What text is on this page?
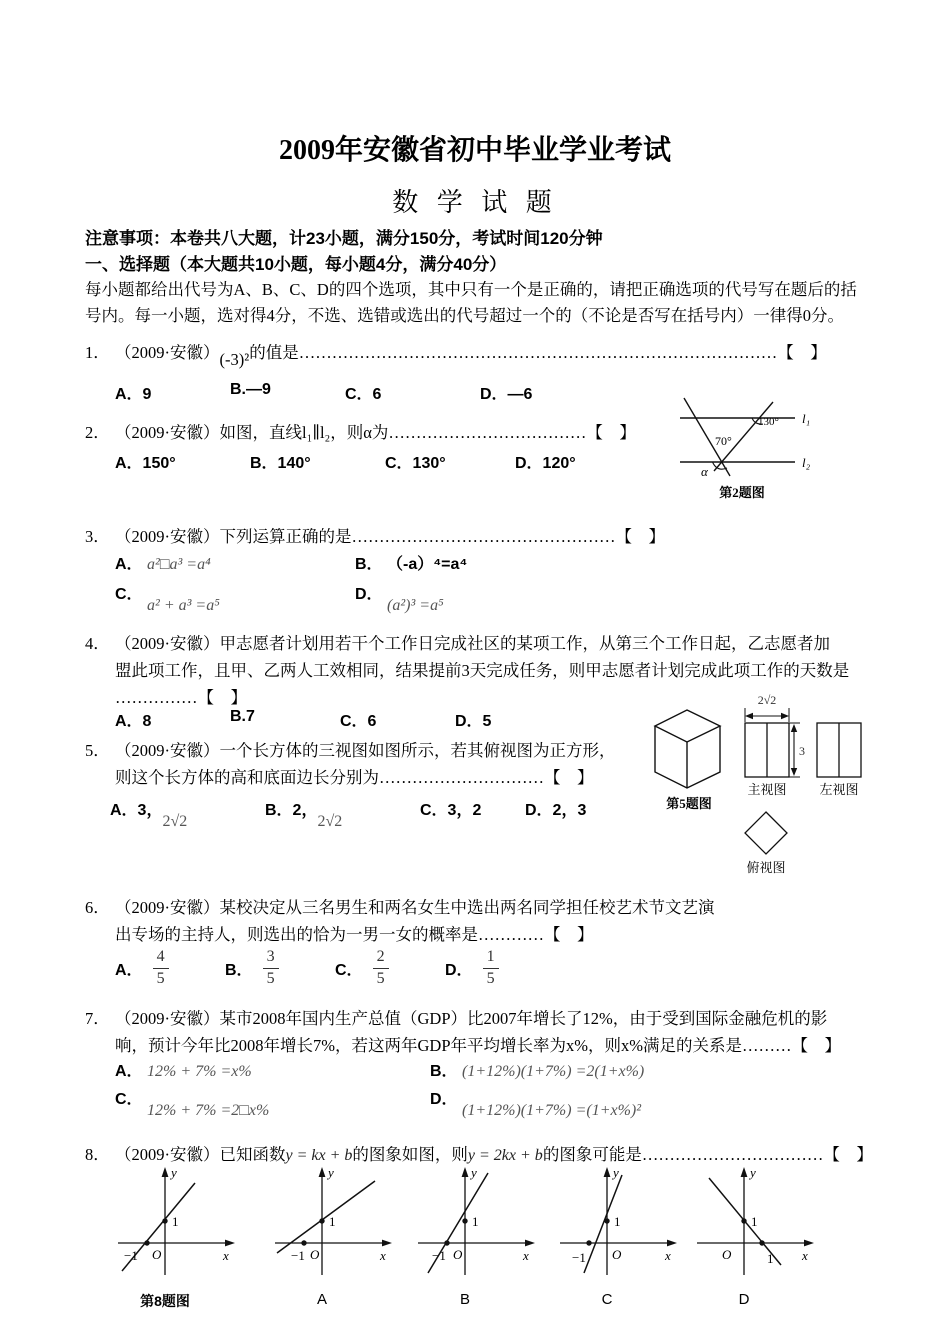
2009年安徽省初中毕业学业考试
数 学 试 题
注意事项：本卷共八大题，计23小题，满分150分，考试时间120分钟
一、选择题（本大题共10小题，每小题4分，满分40分）
每小题都给出代号为A、B、C、D的四个选项，其中只有一个是正确的，请把正确选项的代号写在题后的括
号内。每一小题，选对得4分，不选、选错或选出的代号超过一个的（不论是否写在括号内）一律得0分。
1． （2009·安徽）(-3)²的值是……………………………………………………………………………【　】
A．9	B.—9	C．6	D．—6
2． （2009·安徽）如图，直线l₁∥l₂，则α为………………………………【　】
A．150°	B．140°	C．130°	D．120°
130° l₁
l₂
70°
α
第2题图
3． （2009·安徽）下列运算正确的是…………………………………………【　】
A． a²□a³ =a⁴	B． （-a）⁴=a⁴
C． a² + a³ =a⁵D． (a²)³ =a⁵
4． （2009·安徽）甲志愿者计划用若干个工作日完成社区的某项工作，从第三个工作日起，乙志愿者加
盟此项工作，且甲、乙两人工效相同，结果提前3天完成任务，则甲志愿者计划完成此项工作的天数是
……………【　】
A．8	B.7	C．6	D．5
5． （2009·安徽）一个长方体的三视图如图所示，若其俯视图为正方形，
则这个长方体的高和底面边长分别为…………………………【　】
A．3，2√2B．2，2√2C．3，2	D．2，3	第5题图
2√2
3
主视图	左视图
俯视图
6． （2009·安徽）某校决定从三名男生和两名女生中选出两名同学担任校艺术节文艺演
出专场的主持人，则选出的恰为一男一女的概率是…………【　】
A． $\frac{4}{5}$	B． $\frac{3}{5}$	C． $\frac{2}{5}$	D． $\frac{1}{5}$
7． （2009·安徽）某市2008年国内生产总值（GDP）比2007年增长了12%，由于受到国际金融危机的影
响，预计今年比2008年增长7%，若这两年GDP年平均增长率为x%，则x%满足的关系是………【　】
A． 12% + 7% =x%	B． (1+12%)(1+7%) =2(1+x%)
C． 12% + 7% =2□x%D． (1+12%)(1+7%) =(1+x%)²
8． （2009·安徽）已知函数y = kx + b的图象如图，则y = 2kx + b的图象可能是……………………………【　】
y
x
O
−1
1
第8题图
y
x
O
−1
1
A
y
x
O
−1
1
B
y
x
O
−1
1
C
y
x
O
1
1
D
